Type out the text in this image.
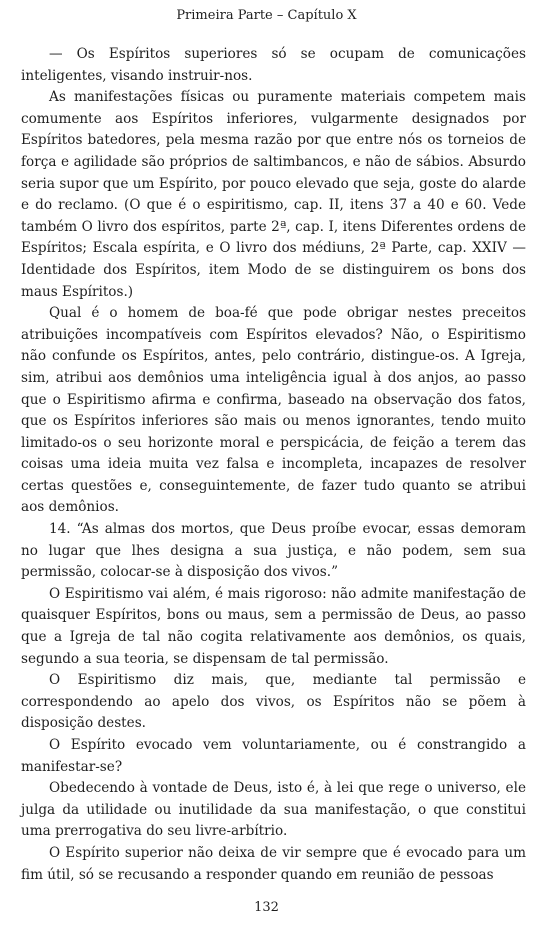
Primeira Parte – Capítulo X

— Os Espíritos superiores só se ocupam de comunicações inteligentes, visando instruir-nos.

As manifestações físicas ou puramente materiais competem mais comumente aos Espíritos inferiores, vulgarmente designados por Espíritos batedores, pela mesma razão por que entre nós os torneios de força e agilidade são próprios de saltimbancos, e não de sábios. Absurdo seria supor que um Espírito, por pouco elevado que seja, goste do alarde e do reclamo. (O que é o espiritismo, cap. II, itens 37 a 40 e 60. Vede também O livro dos espíritos, parte 2ª, cap. I, itens Diferentes ordens de Espíritos; Escala espírita, e O livro dos médiuns, 2ª Parte, cap. XXIV — Identidade dos Espíritos, item Modo de se distinguirem os bons dos maus Espíritos.)

Qual é o homem de boa-fé que pode obrigar nestes preceitos atribuições incompatíveis com Espíritos elevados? Não, o Espiritismo não confunde os Espíritos, antes, pelo contrário, distingue-os. A Igreja, sim, atribui aos demônios uma inteligência igual à dos anjos, ao passo que o Espiritismo afirma e confirma, baseado na observação dos fatos, que os Espíritos inferiores são mais ou menos ignorantes, tendo muito limitado-os o seu horizonte moral e perspicácia, de feição a terem das coisas uma ideia muita vez falsa e incompleta, incapazes de resolver certas questões e, conseguintemente, de fazer tudo quanto se atribui aos demônios.

14. “As almas dos mortos, que Deus proíbe evocar, essas demoram no lugar que lhes designa a sua justiça, e não podem, sem sua permissão, colocar-se à disposição dos vivos.”

O Espiritismo vai além, é mais rigoroso: não admite manifestação de quaisquer Espíritos, bons ou maus, sem a permissão de Deus, ao passo que a Igreja de tal não cogita relativamente aos demônios, os quais, segundo a sua teoria, se dispensam de tal permissão.

O Espiritismo diz mais, que, mediante tal permissão e correspondendo ao apelo dos vivos, os Espíritos não se põem à disposição destes.

O Espírito evocado vem voluntariamente, ou é constrangido a manifestar-se?

Obedecendo à vontade de Deus, isto é, à lei que rege o universo, ele julga da utilidade ou inutilidade da sua manifestação, o que constitui uma prerrogativa do seu livre-arbítrio.

O Espírito superior não deixa de vir sempre que é evocado para um fim útil, só se recusando a responder quando em reunião de pessoas

132
